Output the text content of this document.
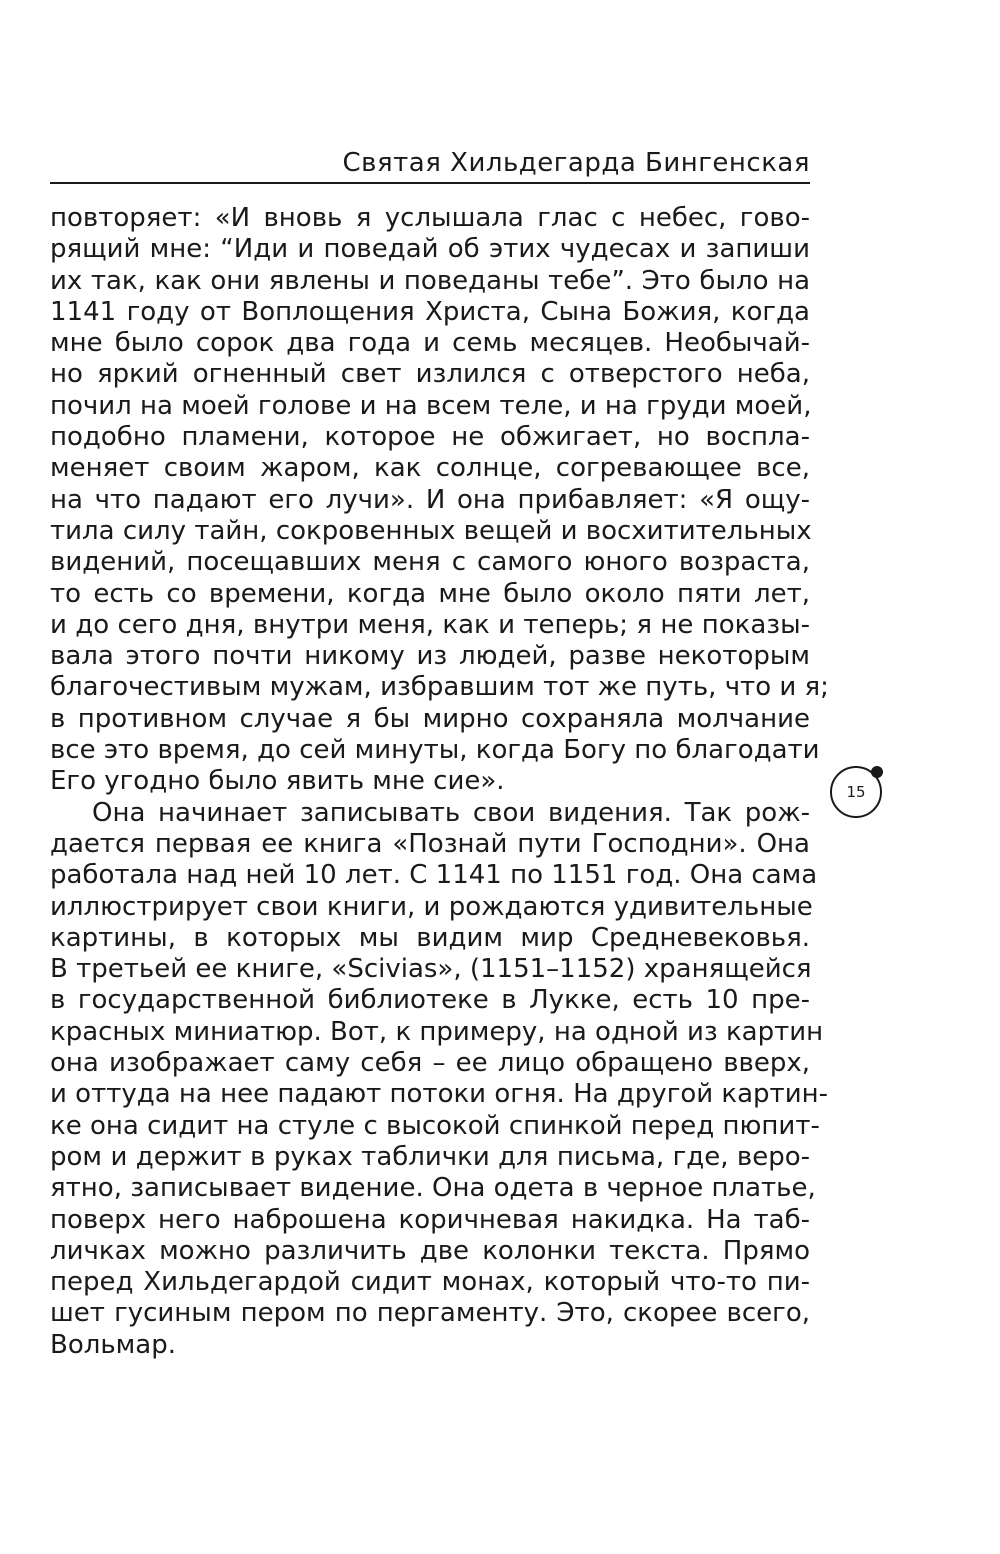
Святая Хильдегарда Бингенская
повторяет: «И вновь я услышала глас с небес, гово-
рящий мне: “Иди и поведай об этих чудесах и запиши
их так, как они явлены и поведаны тебе”. Это было на
1141 году от Воплощения Христа, Сына Божия, когда
мне было сорок два года и семь месяцев. Необычай-
но яркий огненный свет излился с отверстого неба,
почил на моей голове и на всем теле, и на груди моей,
подобно пламени, которое не обжигает, но воспла-
меняет своим жаром, как солнце, согревающее все,
на что падают его лучи». И она прибавляет: «Я ощу-
тила силу тайн, сокровенных вещей и восхитительных
видений, посещавших меня с самого юного возраста,
то есть со времени, когда мне было около пяти лет,
и до сего дня, внутри меня, как и теперь; я не показы-
вала этого почти никому из людей, разве некоторым
благочестивым мужам, избравшим тот же путь, что и я;
в противном случае я бы мирно сохраняла молчание
все это время, до сей минуты, когда Богу по благодати
Его угодно было явить мне сие».
Она начинает записывать свои видения. Так рож-
дается первая ее книга «Познай пути Господни». Она
работала над ней 10 лет. С 1141 по 1151 год. Она сама
иллюстрирует свои книги, и рождаются удивительные
картины, в которых мы видим мир Средневековья.
В третьей ее книге, «Scivias», (1151–1152) хранящейся
в государственной библиотеке в Лукке, есть 10 пре-
красных миниатюр. Вот, к примеру, на одной из картин
она изображает саму себя – ее лицо обращено вверх,
и оттуда на нее падают потоки огня. На другой картин-
ке она сидит на стуле с высокой спинкой перед пюпит-
ром и держит в руках таблички для письма, где, веро-
ятно, записывает видение. Она одета в черное платье,
поверх него наброшена коричневая накидка. На таб-
личках можно различить две колонки текста. Прямо
перед Хильдегардой сидит монах, который что-то пи-
шет гусиным пером по пергаменту. Это, скорее всего,
Вольмар.
15
